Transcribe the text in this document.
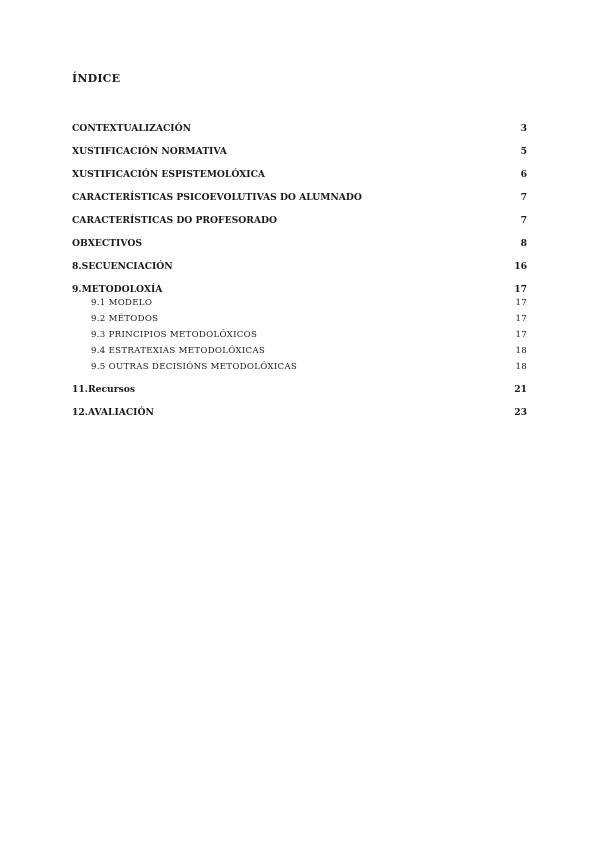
ÍNDICE
CONTEXTUALIZACIÓN	3
XUSTIFICACIÓN NORMATIVA	5
XUSTIFICACIÓN ESPISTEMOLÓXICA	6
CARACTERÍSTICAS PSICOEVOLUTIVAS DO ALUMNADO	7
CARACTERÍSTICAS DO PROFESORADO	7
OBXECTIVOS	8
8.SECUENCIACIÓN	16
9.METODOLOXÍA	17
9.1 MODELO	17
9.2 MÉTODOS	17
9.3 PRINCIPIOS METODOLÓXICOS	17
9.4 ESTRATEXIAS METODOLÓXICAS	18
9.5 OUTRAS DECISIÓNS METODOLÓXICAS	18
11.Recursos	21
12.AVALIACIÓN	23
